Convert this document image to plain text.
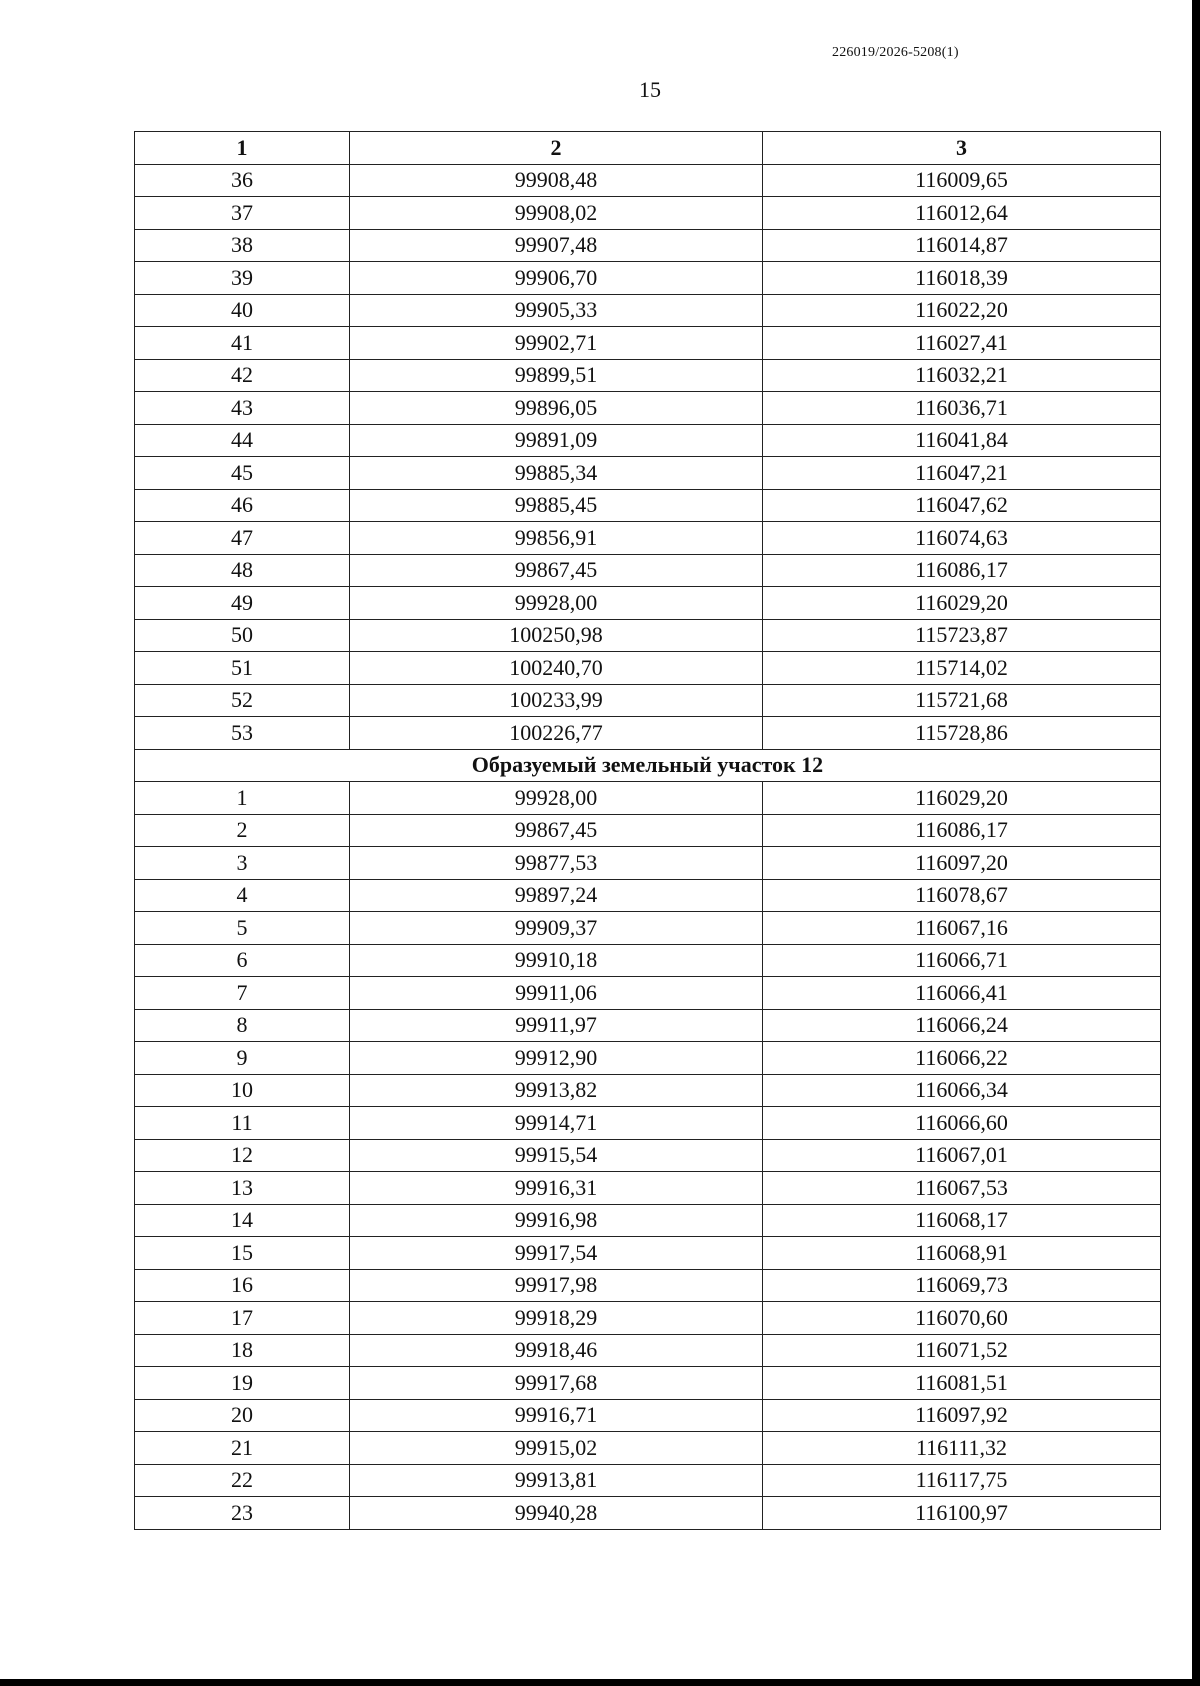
226019/2026-5208(1)
15
1	2	3
36	99908,48	116009,65
37	99908,02	116012,64
38	99907,48	116014,87
39	99906,70	116018,39
40	99905,33	116022,20
41	99902,71	116027,41
42	99899,51	116032,21
43	99896,05	116036,71
44	99891,09	116041,84
45	99885,34	116047,21
46	99885,45	116047,62
47	99856,91	116074,63
48	99867,45	116086,17
49	99928,00	116029,20
50	100250,98	115723,87
51	100240,70	115714,02
52	100233,99	115721,68
53	100226,77	115728,86
Образуемый земельный участок 12		
1	99928,00	116029,20
2	99867,45	116086,17
3	99877,53	116097,20
4	99897,24	116078,67
5	99909,37	116067,16
6	99910,18	116066,71
7	99911,06	116066,41
8	99911,97	116066,24
9	99912,90	116066,22
10	99913,82	116066,34
11	99914,71	116066,60
12	99915,54	116067,01
13	99916,31	116067,53
14	99916,98	116068,17
15	99917,54	116068,91
16	99917,98	116069,73
17	99918,29	116070,60
18	99918,46	116071,52
19	99917,68	116081,51
20	99916,71	116097,92
21	99915,02	116111,32
22	99913,81	116117,75
23	99940,28	116100,97
